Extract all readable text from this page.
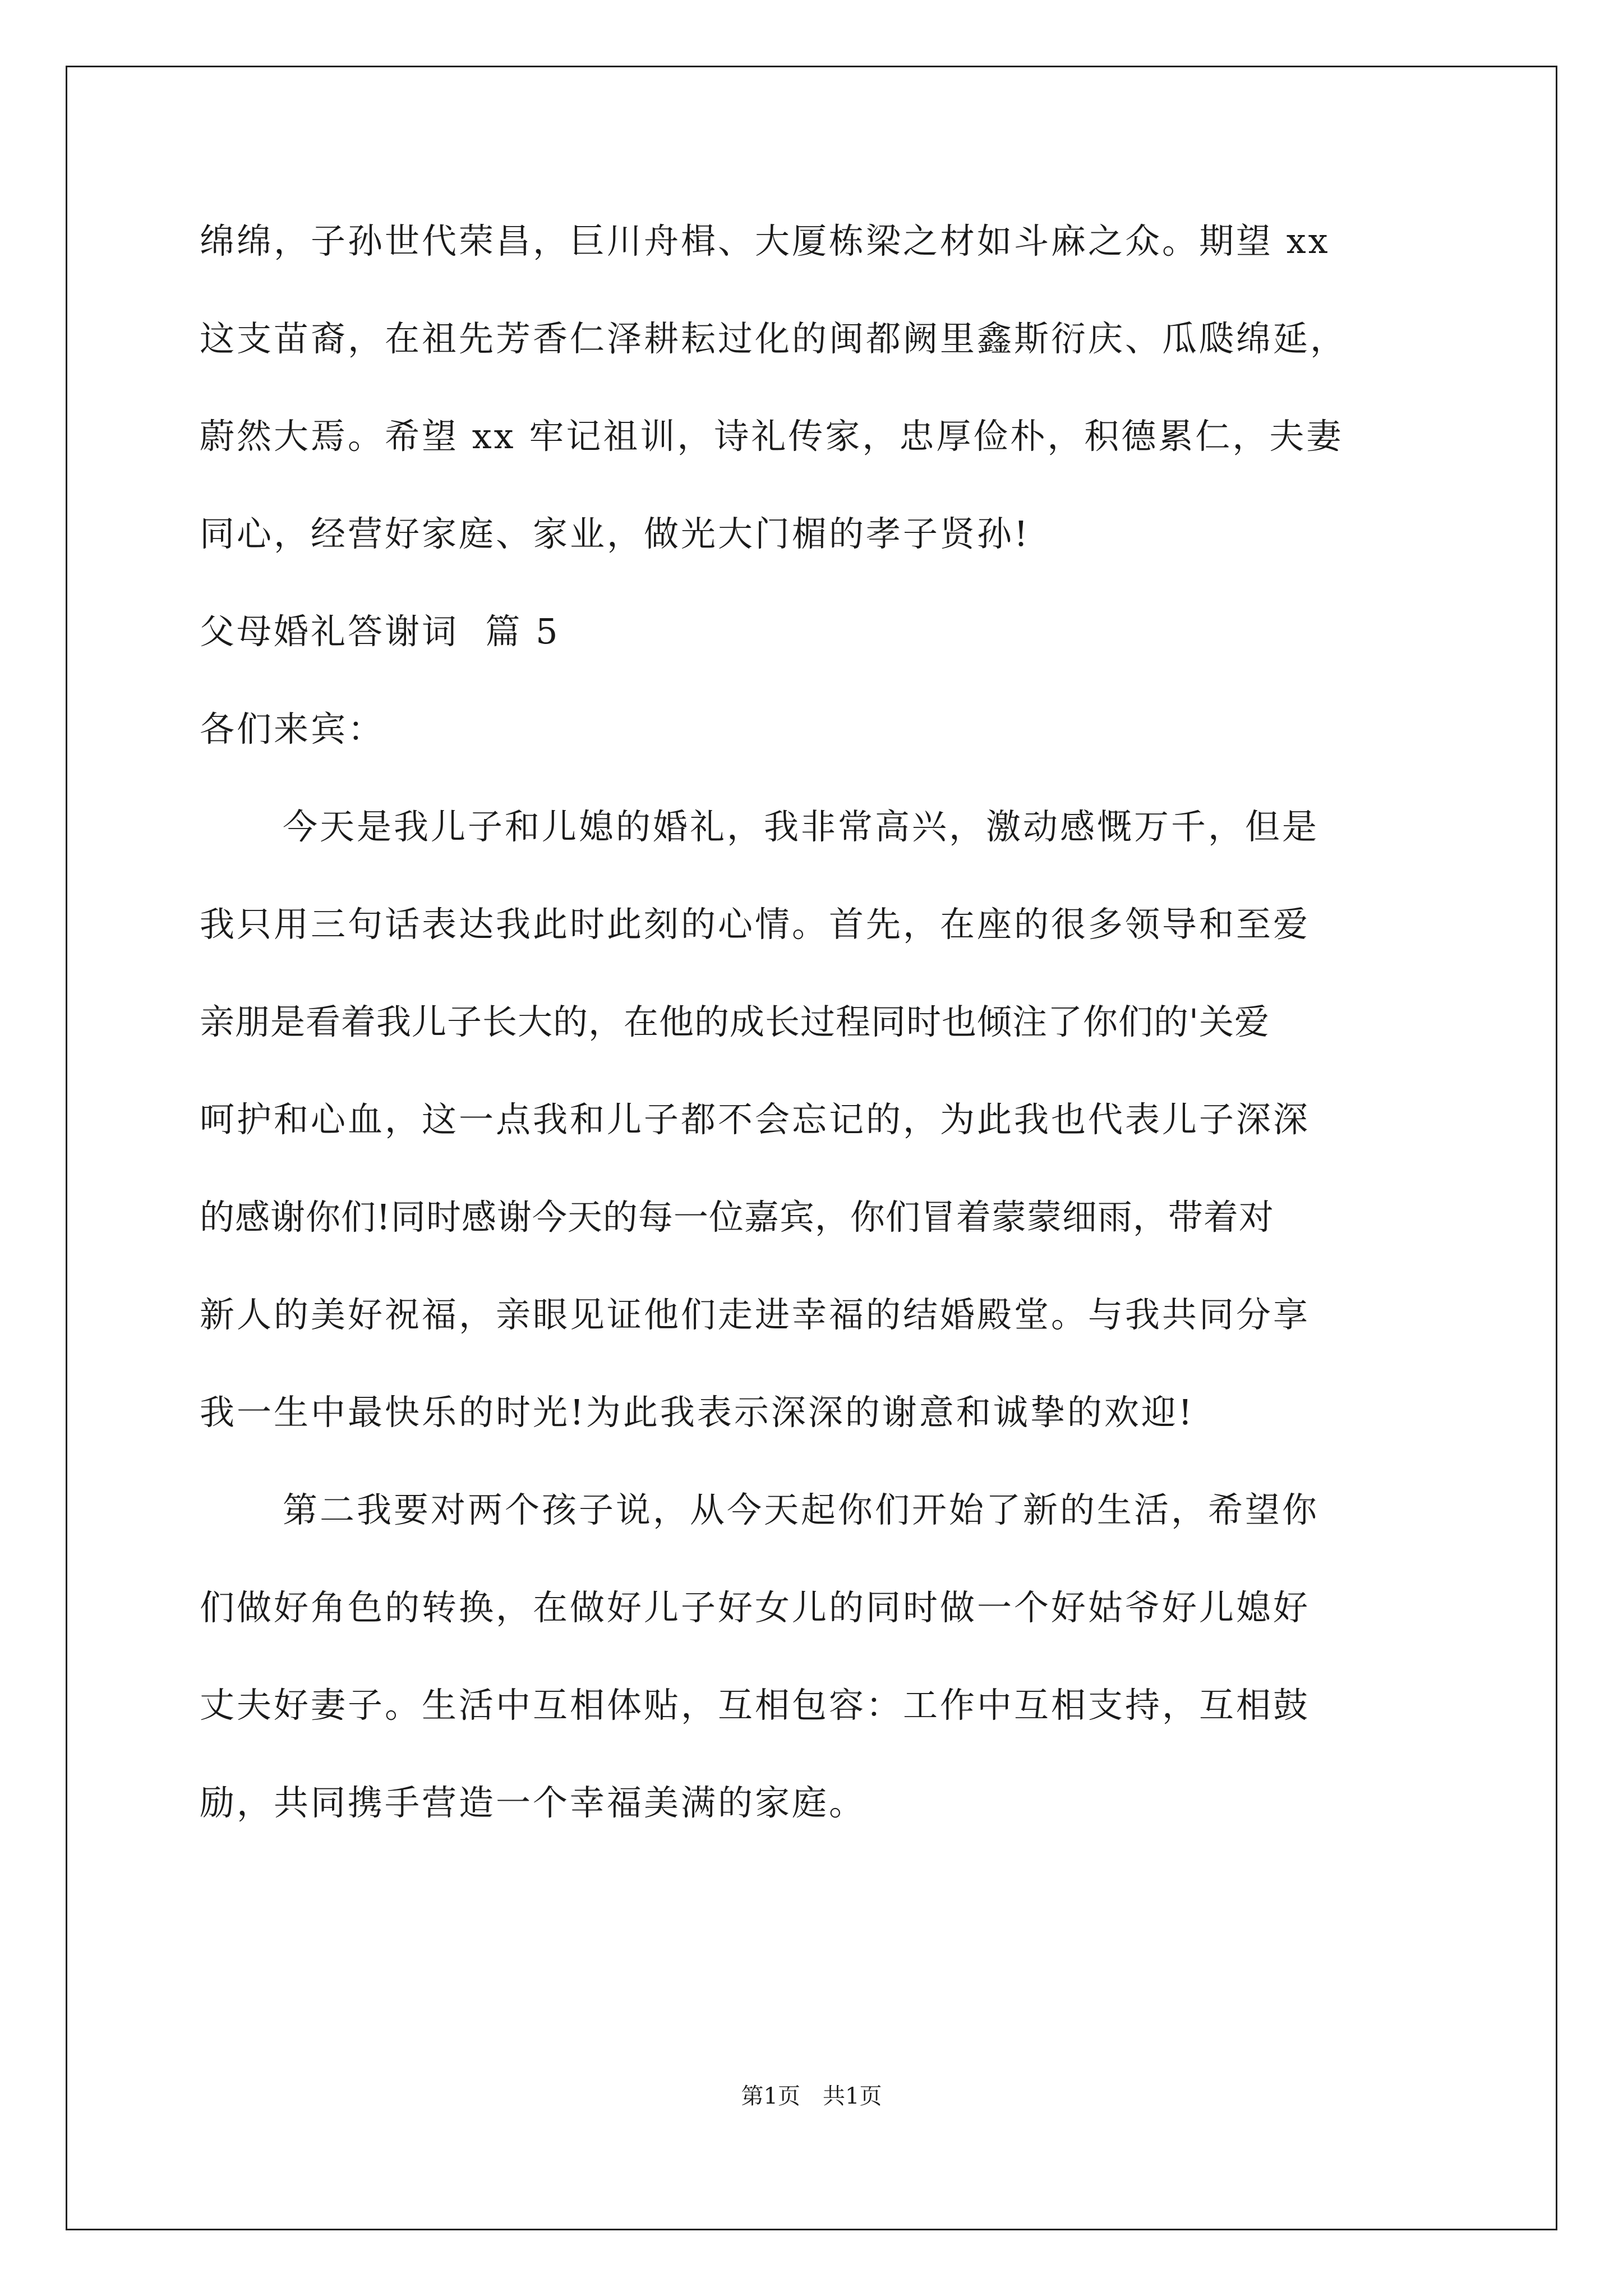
绵绵，子孙世代荣昌，巨川舟楫、大厦栋梁之材如斗麻之众。期望 xx
这支苗裔，在祖先芳香仁泽耕耘过化的闽都阙里鑫斯衍庆、瓜瓞绵延，
蔚然大焉。希望 xx 牢记祖训，诗礼传家，忠厚俭朴，积德累仁，夫妻
同心，经营好家庭、家业，做光大门楣的孝子贤孙!
父母婚礼答谢词  篇 5
各们来宾：
今天是我儿子和儿媳的婚礼，我非常高兴，激动感慨万千，但是
我只用三句话表达我此时此刻的心情。首先，在座的很多领导和至爱
亲朋是看着我儿子长大的，在他的成长过程同时也倾注了你们的'关爱
呵护和心血，这一点我和儿子都不会忘记的，为此我也代表儿子深深
的感谢你们!同时感谢今天的每一位嘉宾，你们冒着蒙蒙细雨，带着对
新人的美好祝福，亲眼见证他们走进幸福的结婚殿堂。与我共同分享
我一生中最快乐的时光!为此我表示深深的谢意和诚挚的欢迎!
第二我要对两个孩子说，从今天起你们开始了新的生活，希望你
们做好角色的转换，在做好儿子好女儿的同时做一个好姑爷好儿媳好
丈夫好妻子。生活中互相体贴，互相包容：工作中互相支持，互相鼓
励，共同携手营造一个幸福美满的家庭。
第1页 共1页
